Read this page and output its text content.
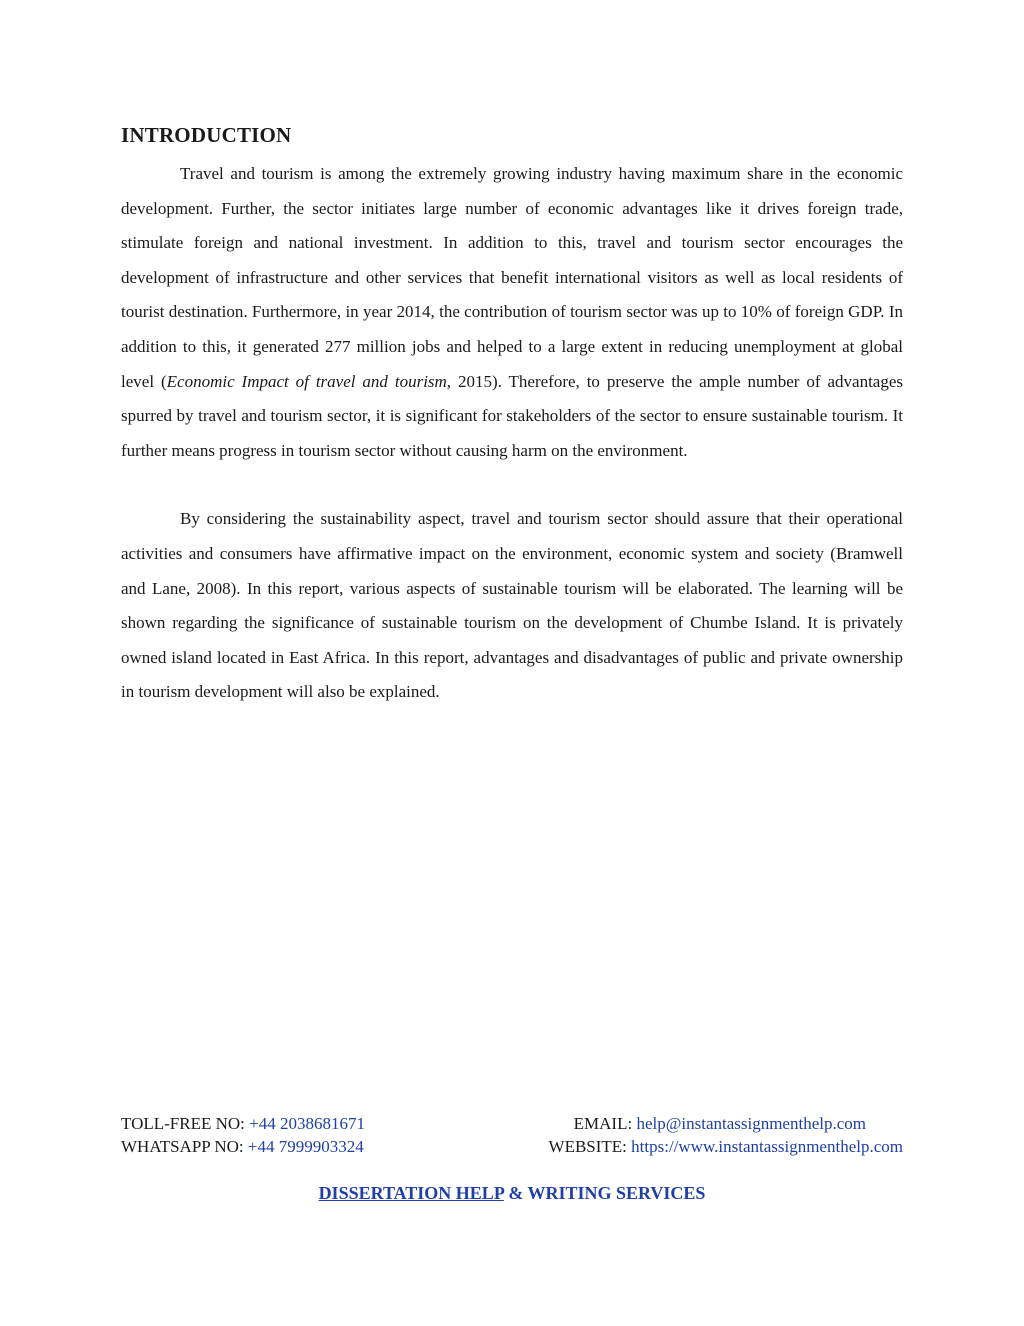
INTRODUCTION

Travel and tourism is among the extremely growing industry having maximum share in the economic development. Further, the sector initiates large number of economic advantages like it drives foreign trade, stimulate foreign and national investment. In addition to this, travel and tourism sector encourages the development of infrastructure and other services that benefit international visitors as well as local residents of tourist destination. Furthermore, in year 2014, the contribution of tourism sector was up to 10% of foreign GDP. In addition to this, it generated 277 million jobs and helped to a large extent in reducing unemployment at global level (Economic Impact of travel and tourism, 2015). Therefore, to preserve the ample number of advantages spurred by travel and tourism sector, it is significant for stakeholders of the sector to ensure sustainable tourism. It further means progress in tourism sector without causing harm on the environment.

By considering the sustainability aspect, travel and tourism sector should assure that their operational activities and consumers have affirmative impact on the environment, economic system and society (Bramwell and Lane, 2008). In this report, various aspects of sustainable tourism will be elaborated. The learning will be shown regarding the significance of sustainable tourism on the development of Chumbe Island. It is privately owned island located in East Africa. In this report, advantages and disadvantages of public and private ownership in tourism development will also be explained.

TOLL-FREE NO: +44 2038681671	EMAIL: help@instantassignmenthelp.com
WHATSAPP NO: +44 7999903324	WEBSITE: https://www.instantassignmenthelp.com
DISSERTATION HELP & WRITING SERVICES
